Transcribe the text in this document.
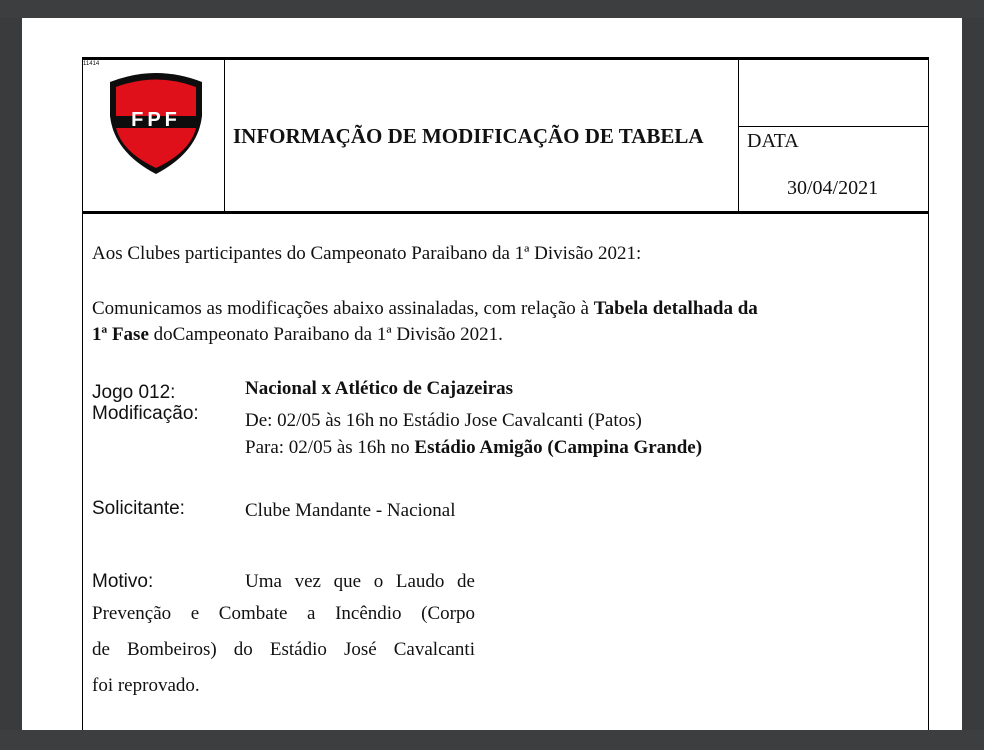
11414
FPF
INFORMAÇÃO DE MODIFICAÇÃO DE TABELA DATA
30/04/2021
Aos Clubes participantes do Campeonato Paraibano da 1ª Divisão 2021:
Comunicamos as modificações abaixo assinaladas, com relação à Tabela detalhada da
1ª Fase doCampeonato Paraibano da 1ª Divisão 2021.
Jogo 012:
Modificação:
Nacional x Atlético de Cajazeiras
De: 02/05 às 16h no Estádio Jose Cavalcanti (Patos)
Para: 02/05 às 16h no Estádio Amigão (Campina Grande)
Solicitante:	Clube Mandante - Nacional
Motivo:	Uma vez que o Laudo de
Prevenção e Combate a Incêndio (Corpo
de Bombeiros) do Estádio José Cavalcanti
foi reprovado.
